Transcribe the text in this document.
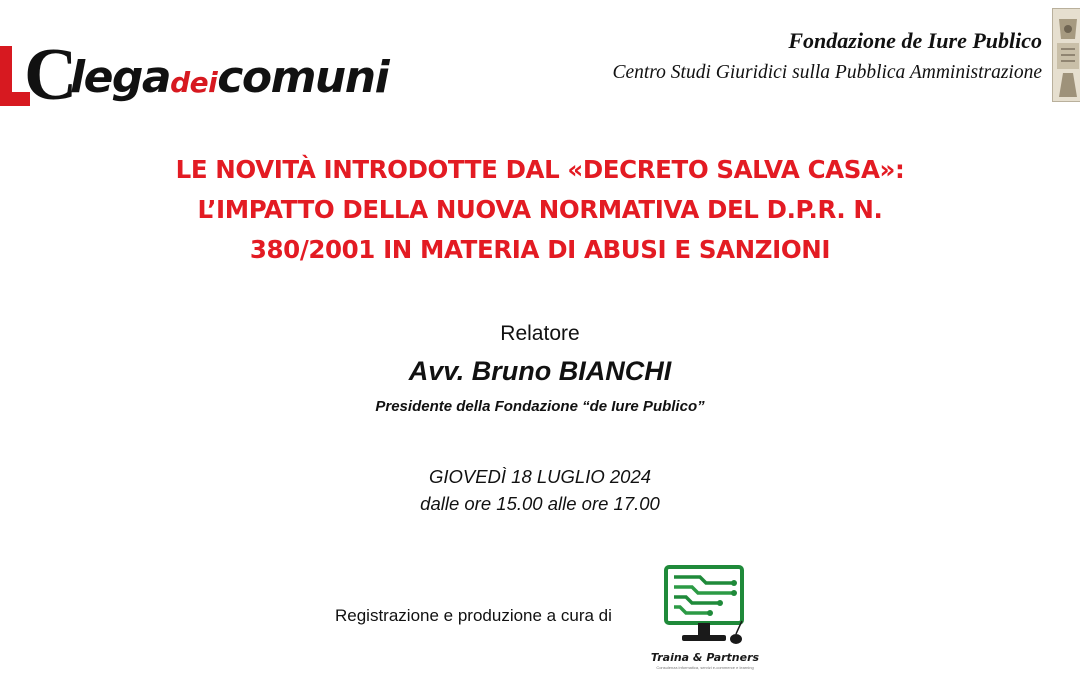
C
legadeicomuni
Fondazione de Iure Publico
Centro Studi Giuridici sulla Pubblica Amministrazione
LE NOVITÀ INTRODOTTE DAL «DECRETO SALVA CASA»:
L’IMPATTO DELLA NUOVA NORMATIVA DEL D.P.R. N.
380/2001 IN MATERIA DI ABUSI E SANZIONI
Relatore
Avv. Bruno BIANCHI
Presidente della Fondazione “de Iure Publico”
GIOVEDÌ 18 LUGLIO 2024
dalle ore 15.00 alle ore 17.00
Registrazione e produzione a cura di
Traina & Partners
Consulenza informatica, servizi e-commerce e learning
